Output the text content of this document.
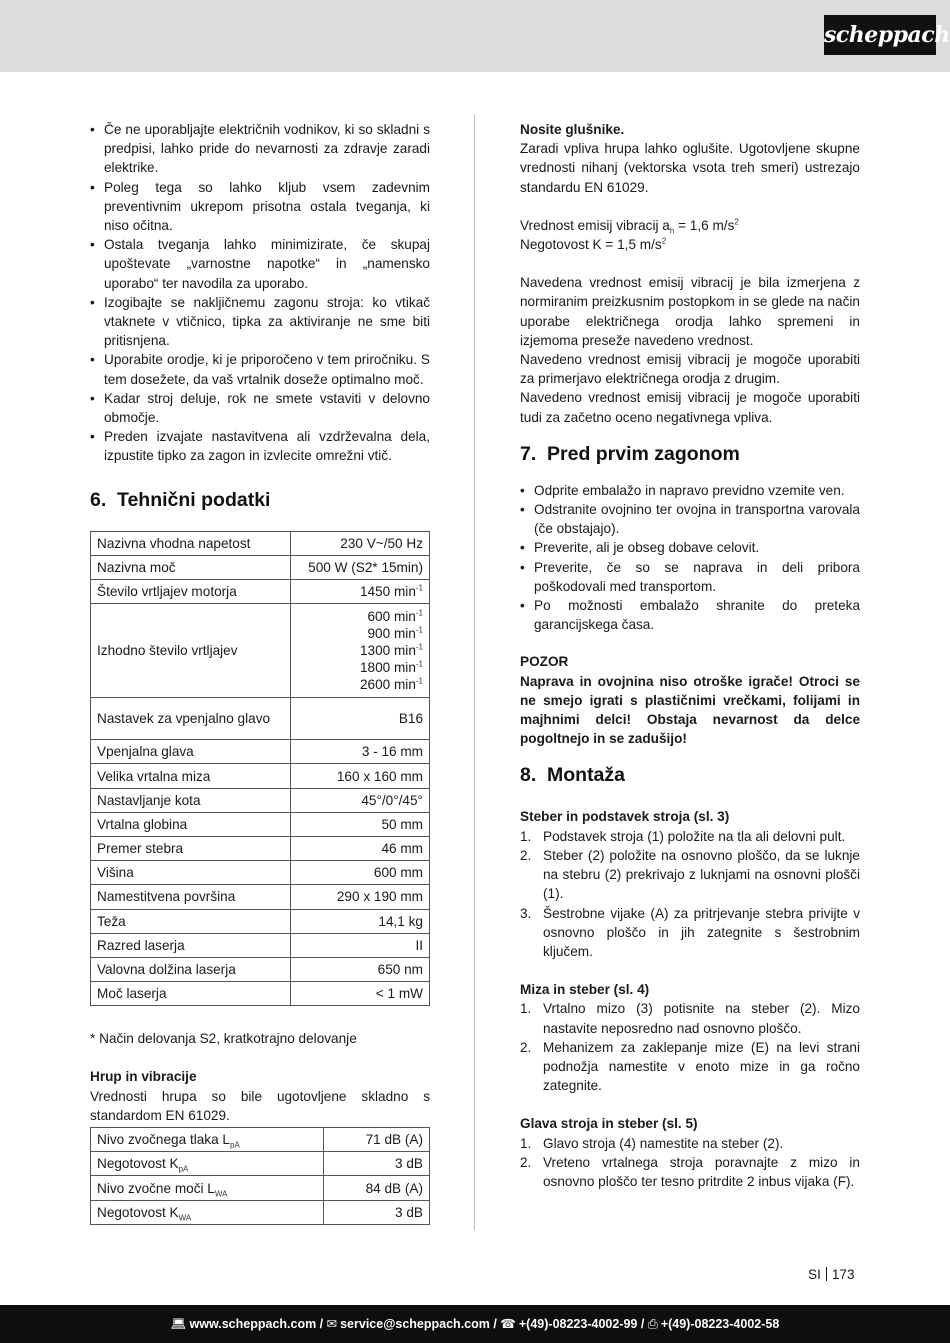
scheppach
• Če ne uporabljajte električnih vodnikov, ki so skladni s predpisi, lahko pride do nevarnosti za zdravje zaradi elektrike.
• Poleg tega so lahko kljub vsem zadevnim preventivnim ukrepom prisotna ostala tveganja, ki niso očitna.
• Ostala tveganja lahko minimizirate, če skupaj upoštevate „varnostne napotke“ in „namensko uporabo“ ter navodila za uporabo.
• Izogibajte se nakljičnemu zagonu stroja: ko vtikač vtaknete v vtičnico, tipka za aktiviranje ne sme biti pritisnjena.
• Uporabite orodje, ki je priporočeno v tem priročniku. S tem dosežete, da vaš vrtalnik doseže optimalno moč.
• Kadar stroj deluje, rok ne smete vstaviti v delovno območje.
• Preden izvajate nastavitvena ali vzdrževalna dela, izpustite tipko za zagon in izvlecite omrežni vtič.
6. Tehnični podatki
Nazivna vhodna napetost	230 V~/50 Hz
Nazivna moč	500 W (S2* 15min)
Število vrtljajev motorja	1450 $\min^{-1}$
Izhodno število vrtljajev	600 $\min^{-1}$
900 $\min^{-1}$
1300 $\min^{-1}$
1800 $\min^{-1}$
2600 $\min^{-1}$

Nastavek za vpenjalno glavo	B16
Vpenjalna glava	3 - 16 mm
Velika vrtalna miza	160 x 160 mm
Nastavljanje kota	45°/0°/45°
Vrtalna globina	50 mm
Premer stebra	46 mm
Višina	600 mm
Namestitvena površina	290 x 190 mm
Teža	14,1 kg
Razred laserja	II
Valovna dolžina laserja	650 nm
Moč laserja	< 1 mW

* Način delovanja S2, kratkotrajno delovanje

Hrup in vibracije

Vrednosti hrupa so bile ugotovljene skladno s standardom EN 61029.

Nivo zvočnega tlaka $L_{pA}$	71 dB (A)
Negotovost $K_{pA}$	3 dB
Nivo zvočne moči $L_{WA}$	84 dB (A)
Negotovost $K_{WA}$	3 dB

Nosite glušnike.

Zaradi vpliva hrupa lahko oglušite. Ugotovljene skupne vrednosti nihanj (vektorska vsota treh smeri) ustrezajo standardu EN 61029.

Vrednost emisij vibracij $a_h = 1,6$ $m/s^2$

Negotovost K = 1,5 $m/s^2$

Navedena vrednost emisij vibracij je bila izmerjena z normiranim preizkusnim postopkom in se glede na način uporabe električnega orodja lahko spremeni in izjemoma preseže navedeno vrednost.

Navedeno vrednost emisij vibracij je mogoče uporabiti za primerjavo električnega orodja z drugim.

Navedeno vrednost emisij vibracij je mogoče uporabiti tudi za začetno oceno negativnega vpliva.

7. Pred prvim zagonom
• Odprite embalažo in napravo previdno vzemite ven.
• Odstranite ovojnino ter ovojna in transportna varovala (če obstajajo).
• Preverite, ali je obseg dobave celovit.
• Preverite, če so se naprava in deli pribora poškodovali med transportom.
• Po možnosti embalažo shranite do preteka garancijskega časa.

POZOR

Naprava in ovojnina niso otroške igrače! Otroci se ne smejo igrati s plastičnimi vrečkami, folijami in majhnimi delci! Obstaja nevarnost da delce pogoltnejo in se zadušijo!

8. Montaža

Steber in podstavek stroja (sl. 3)

1. Podstavek stroja (1) položite na tla ali delovni pult.
2. Steber (2) položite na osnovno ploščo, da se luknje na stebru (2) prekrivajo z luknjami na osnovni plošči (1).
3. Šestrobne vijake (A) za pritrjevanje stebra privijte v osnovno ploščo in jih zategnite s šestrobnim ključem.

Miza in steber (sl. 4)

1. Vrtalno mizo (3) potisnite na steber (2). Mizo nastavite neposredno nad osnovno ploščo.
2. Mehanizem za zaklepanje mize (E) na levi strani podnožja namestite v enoto mize in ga ročno zategnite.

Glava stroja in steber (sl. 5)

1. Glavo stroja (4) namestite na steber (2).
2. Vreteno vrtalnega stroja poravnajte z mizo in osnovno ploščo ter tesno pritrdite 2 inbus vijaka (F).
SI 173
💻︎ www.scheppach.com / ✉ service@scheppach.com / ☎ +(49)-08223-4002-99 / ⎙ +(49)-08223-4002-58
